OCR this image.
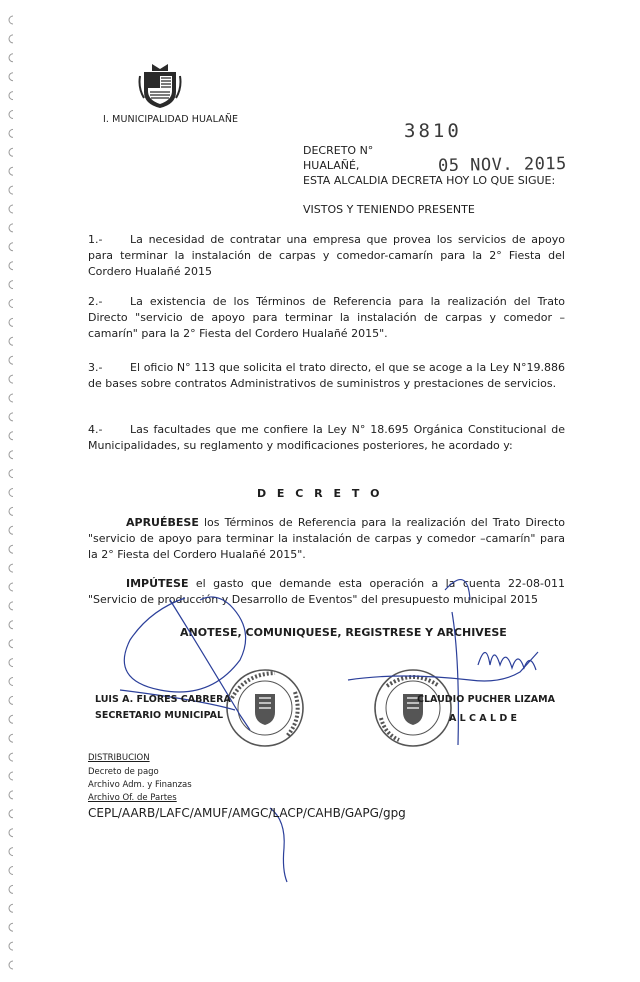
I. MUNICIPALIDAD HUALAÑE
3810
05 NOV. 2015
DECRETO N°
HUALAÑÉ,
ESTA ALCALDIA DECRETA HOY LO QUE SIGUE:
VISTOS Y TENIENDO PRESENTE
1.-	La necesidad de contratar una empresa que provea los servicios de apoyo para terminar la instalación de carpas y comedor-camarín para la 2° Fiesta del Cordero Hualañé 2015
2.-	La existencia de los Términos de Referencia para la realización del Trato Directo "servicio de apoyo para terminar la instalación de carpas y comedor – camarín" para la 2° Fiesta del Cordero Hualañé 2015".
3.-	El oficio N° 113 que solicita el trato directo, el que se acoge a la Ley N°19.886 de bases sobre contratos Administrativos de suministros y prestaciones de servicios.
4.-	Las facultades que me confiere la Ley N° 18.695 Orgánica Constitucional de Municipalidades, su reglamento y modificaciones posteriores, he acordado y:
D E C R E T O
APRUÉBESE los Términos de Referencia para la realización del Trato Directo "servicio de apoyo para terminar la instalación de carpas y comedor –camarín" para la 2° Fiesta del Cordero Hualañé 2015".
IMPÚTESE el gasto que demande esta operación a la cuenta 22-08-011 "Servicio de producción y Desarrollo de Eventos" del presupuesto municipal 2015
ANOTESE, COMUNIQUESE, REGISTRESE Y ARCHIVESE
LUIS A. FLORES CABRERA
SECRETARIO MUNICIPAL
CLAUDIO PUCHER LIZAMA
A L C A L D E
DISTRIBUCION
Decreto de pago
Archivo Adm. y Finanzas
Archivo Of. de Partes
CEPL/AARB/LAFC/AMUF/AMGC/LACP/CAHB/GAPG/gpg
